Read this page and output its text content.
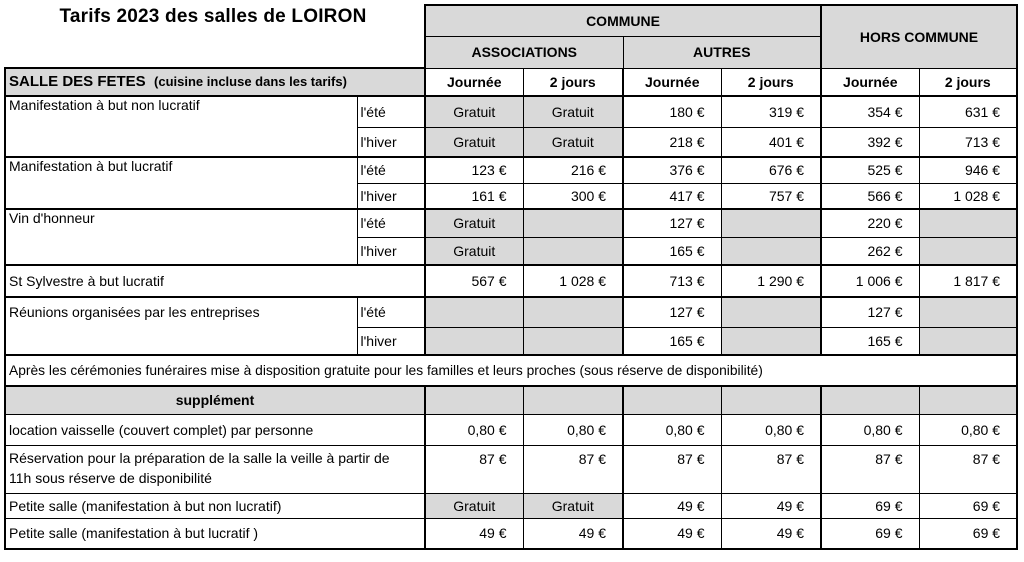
Tarifs 2023 des salles de LOIRON
		COMMUNE				HORS COMMUNE	
		ASSOCIATIONS		AUTRES			
SALLE DES FETES (cuisine incluse dans les tarifs)		Journée	2 jours	Journée	2 jours	Journée	2 jours
Manifestation à but non lucratif	l'été	Gratuit	Gratuit	180 €	319 €	354 €	631 €
	l'hiver	Gratuit	Gratuit	218 €	401 €	392 €	713 €
Manifestation à but lucratif	l'été	123 €	216 €	376 €	676 €	525 €	946 €
	l'hiver	161 €	300 €	417 €	757 €	566 €	1 028 €
Vin d'honneur	l'été	Gratuit		127 €		220 €	
	l'hiver	Gratuit		165 €		262 €	
St Sylvestre à but lucratif		567 €	1 028 €	713 €	1 290 €	1 006 €	1 817 €
Réunions organisées par les entreprises	l'été			127 €		127 €	
	l'hiver			165 €		165 €	
Après les cérémonies funéraires mise à disposition gratuite pour les familles et leurs proches (sous réserve de disponibilité)							
supplément							
location vaisselle (couvert complet) par personne		0,80 €	0,80 €	0,80 €	0,80 €	0,80 €	0,80 €
Réservation pour la préparation de la salle la veille à partir de 11h sous réserve de disponibilité		87 €	87 €	87 €	87 €	87 €	87 €
Petite salle (manifestation à but non lucratif)		Gratuit	Gratuit	49 €	49 €	69 €	69 €
Petite salle (manifestation à but lucratif )		49 €	49 €	49 €	49 €	69 €	69 €
